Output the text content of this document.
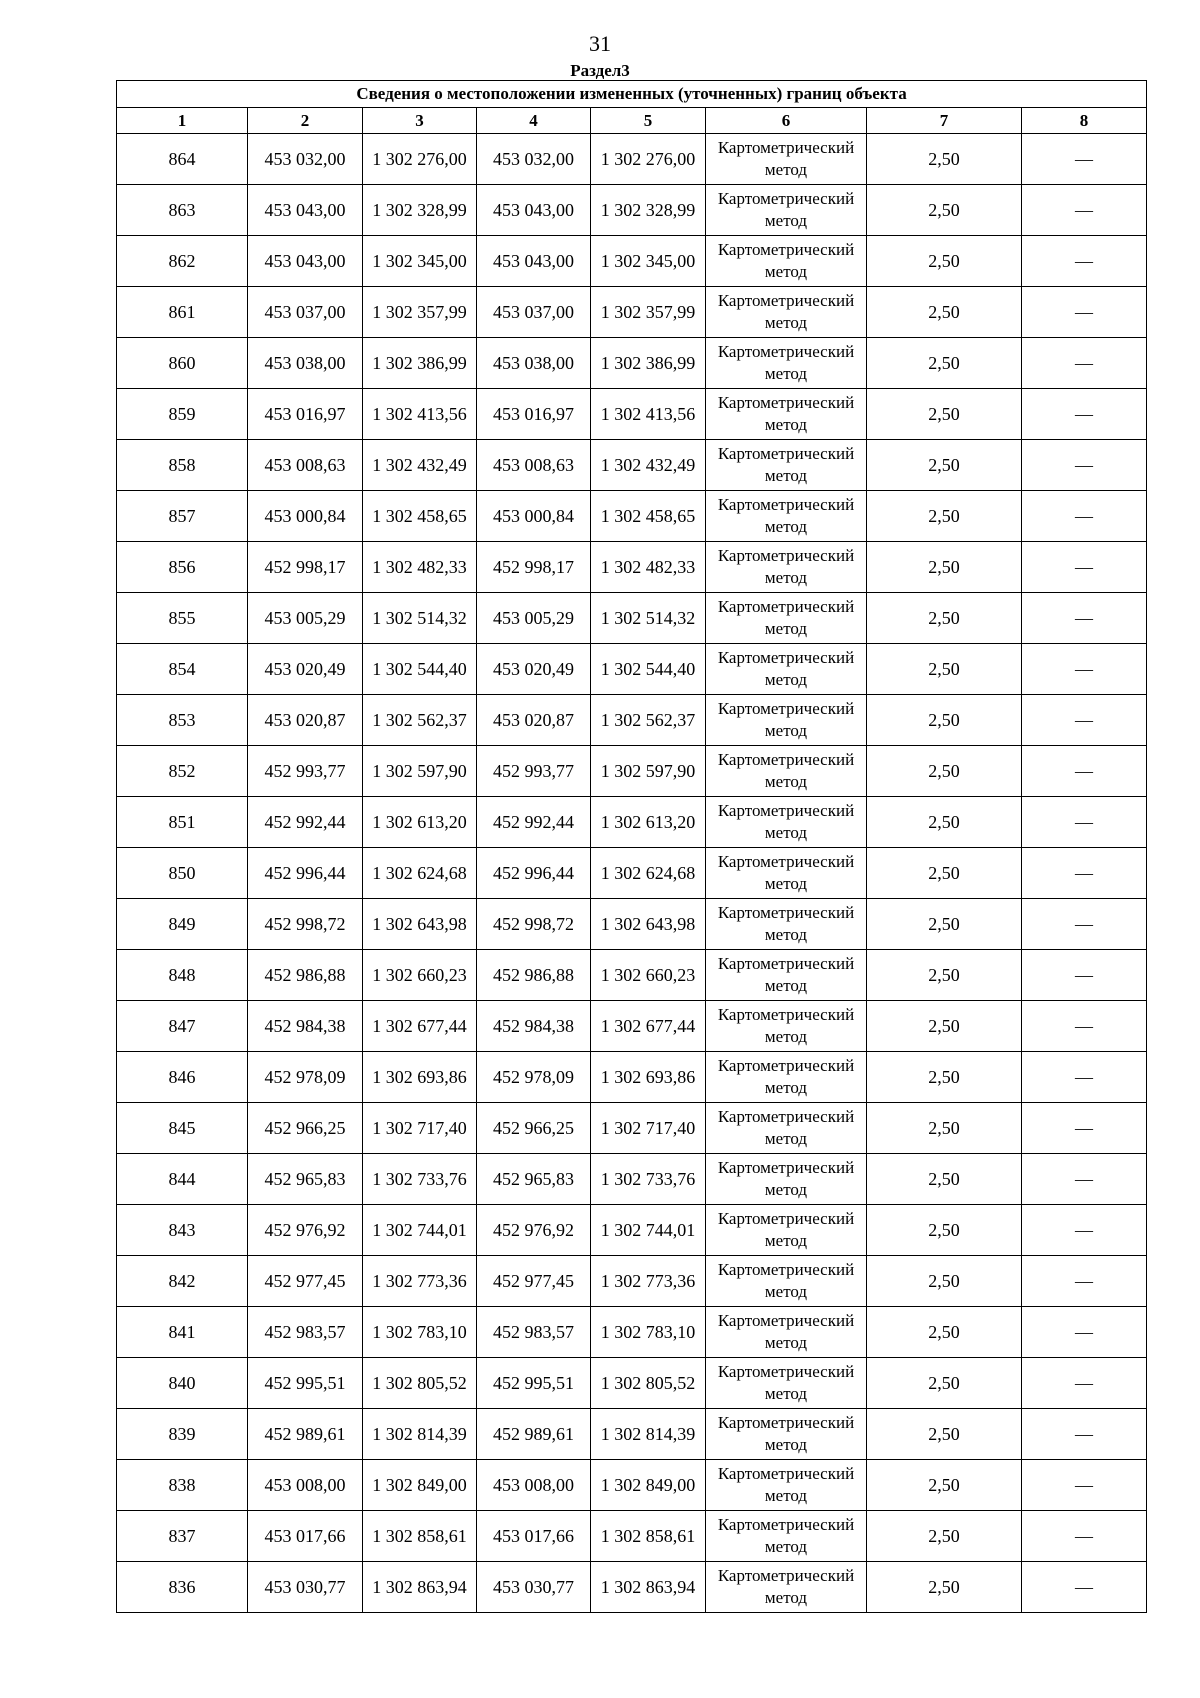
31
Раздел3
Сведения о местоположении измененных (уточненных) границ объекта							
1	2	3	4	5	6	7	8
864	453 032,00	1 302 276,00	453 032,00	1 302 276,00	Картометрический метод	2,50	—
863	453 043,00	1 302 328,99	453 043,00	1 302 328,99	Картометрический метод	2,50	—
862	453 043,00	1 302 345,00	453 043,00	1 302 345,00	Картометрический метод	2,50	—
861	453 037,00	1 302 357,99	453 037,00	1 302 357,99	Картометрический метод	2,50	—
860	453 038,00	1 302 386,99	453 038,00	1 302 386,99	Картометрический метод	2,50	—
859	453 016,97	1 302 413,56	453 016,97	1 302 413,56	Картометрический метод	2,50	—
858	453 008,63	1 302 432,49	453 008,63	1 302 432,49	Картометрический метод	2,50	—
857	453 000,84	1 302 458,65	453 000,84	1 302 458,65	Картометрический метод	2,50	—
856	452 998,17	1 302 482,33	452 998,17	1 302 482,33	Картометрический метод	2,50	—
855	453 005,29	1 302 514,32	453 005,29	1 302 514,32	Картометрический метод	2,50	—
854	453 020,49	1 302 544,40	453 020,49	1 302 544,40	Картометрический метод	2,50	—
853	453 020,87	1 302 562,37	453 020,87	1 302 562,37	Картометрический метод	2,50	—
852	452 993,77	1 302 597,90	452 993,77	1 302 597,90	Картометрический метод	2,50	—
851	452 992,44	1 302 613,20	452 992,44	1 302 613,20	Картометрический метод	2,50	—
850	452 996,44	1 302 624,68	452 996,44	1 302 624,68	Картометрический метод	2,50	—
849	452 998,72	1 302 643,98	452 998,72	1 302 643,98	Картометрический метод	2,50	—
848	452 986,88	1 302 660,23	452 986,88	1 302 660,23	Картометрический метод	2,50	—
847	452 984,38	1 302 677,44	452 984,38	1 302 677,44	Картометрический метод	2,50	—
846	452 978,09	1 302 693,86	452 978,09	1 302 693,86	Картометрический метод	2,50	—
845	452 966,25	1 302 717,40	452 966,25	1 302 717,40	Картометрический метод	2,50	—
844	452 965,83	1 302 733,76	452 965,83	1 302 733,76	Картометрический метод	2,50	—
843	452 976,92	1 302 744,01	452 976,92	1 302 744,01	Картометрический метод	2,50	—
842	452 977,45	1 302 773,36	452 977,45	1 302 773,36	Картометрический метод	2,50	—
841	452 983,57	1 302 783,10	452 983,57	1 302 783,10	Картометрический метод	2,50	—
840	452 995,51	1 302 805,52	452 995,51	1 302 805,52	Картометрический метод	2,50	—
839	452 989,61	1 302 814,39	452 989,61	1 302 814,39	Картометрический метод	2,50	—
838	453 008,00	1 302 849,00	453 008,00	1 302 849,00	Картометрический метод	2,50	—
837	453 017,66	1 302 858,61	453 017,66	1 302 858,61	Картометрический метод	2,50	—
836	453 030,77	1 302 863,94	453 030,77	1 302 863,94	Картометрический метод	2,50	—
